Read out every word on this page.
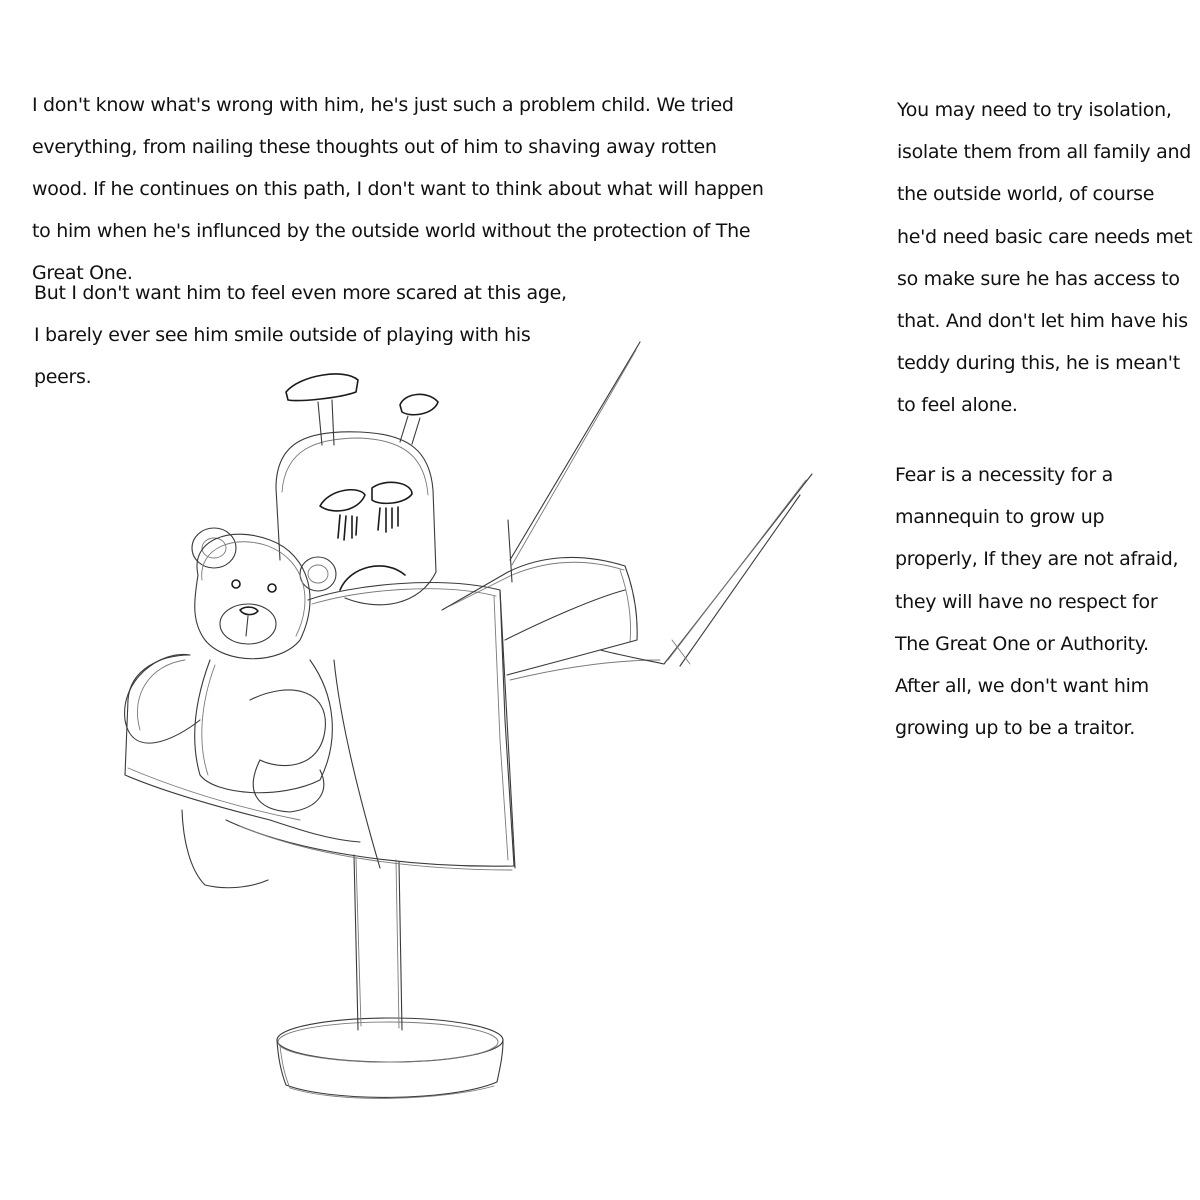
I don't know what's wrong with him, he's just such a problem child. We tried everything, from nailing these thoughts out of him to shaving away rotten wood. If he continues on this path, I don't want to think about what will happen to him when he's influnced by the outside world without the protection of The Great One.

But I don't want him to feel even more scared at this age, I barely ever see him smile outside of playing with his peers.

You may need to try isolation, isolate them from all family and the outside world, of course he'd need basic care needs met so make sure he has access to that. And don't let him have his teddy during this, he is mean't to feel alone.

Fear is a necessity for a mannequin to grow up properly, If they are not afraid, they will have no respect for The Great One or Authority. After all, we don't want him growing up to be a traitor.
